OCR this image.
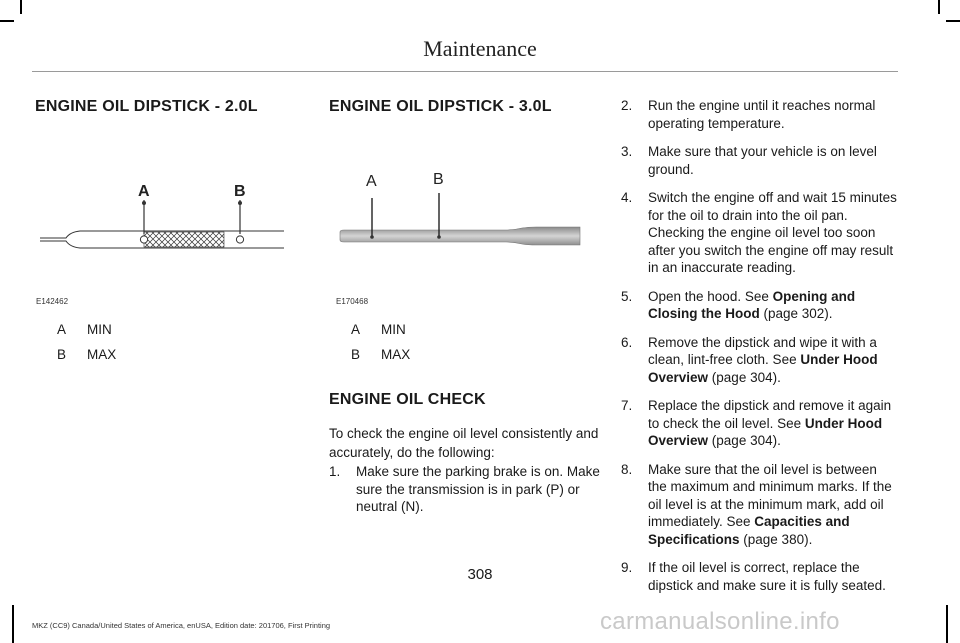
Maintenance
ENGINE OIL DIPSTICK - 2.0L
A	B
E142462
A	MIN
B	MAX
ENGINE OIL DIPSTICK - 3.0L
A	B
E170468
A	MIN
B	MAX
ENGINE OIL CHECK

To check the engine oil level consistently and accurately, do the following:

1.	Make sure the parking brake is on. Make sure the transmission is in park (P) or neutral (N).
2.	Run the engine until it reaches normal operating temperature.
3.	Make sure that your vehicle is on level ground.
4.	Switch the engine off and wait 15 minutes for the oil to drain into the oil pan. Checking the engine oil level too soon after you switch the engine off may result in an inaccurate reading.
5.	Open the hood. See Opening and Closing the Hood (page 302).
6.	Remove the dipstick and wipe it with a clean, lint-free cloth. See Under Hood Overview (page 304).
7.	Replace the dipstick and remove it again to check the oil level. See Under Hood Overview (page 304).
8.	Make sure that the oil level is between the maximum and minimum marks. If the oil level is at the minimum mark, add oil immediately. See Capacities and Specifications (page 380).
9.	If the oil level is correct, replace the dipstick and make sure it is fully seated.
308
MKZ (CC9) Canada/United States of America, enUSA, Edition date: 201706, First Printing	carmanualsonline.info
